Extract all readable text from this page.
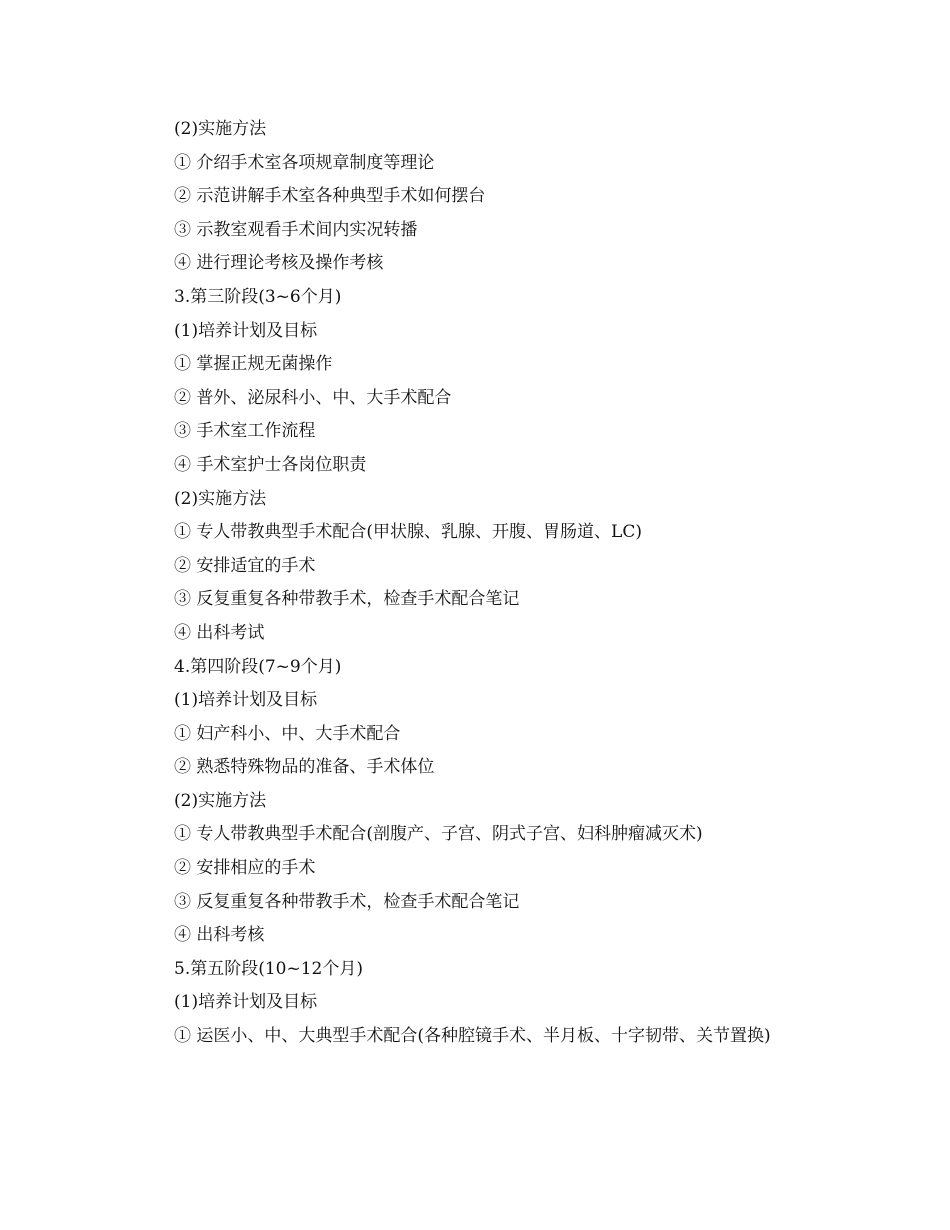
(2)实施方法
① 介绍手术室各项规章制度等理论
② 示范讲解手术室各种典型手术如何摆台
③ 示教室观看手术间内实况转播
④ 进行理论考核及操作考核
3.第三阶段(3~6个月)
(1)培养计划及目标
① 掌握正规无菌操作
② 普外、泌尿科小、中、大手术配合
③ 手术室工作流程
④ 手术室护士各岗位职责
(2)实施方法
① 专人带教典型手术配合(甲状腺、乳腺、开腹、胃肠道、LC)
② 安排适宜的手术
③ 反复重复各种带教手术，检查手术配合笔记
④ 出科考试
4.第四阶段(7~9个月)
(1)培养计划及目标
① 妇产科小、中、大手术配合
② 熟悉特殊物品的准备、手术体位
(2)实施方法
① 专人带教典型手术配合(剖腹产、子宫、阴式子宫、妇科肿瘤减灭术)
② 安排相应的手术
③ 反复重复各种带教手术，检查手术配合笔记
④ 出科考核
5.第五阶段(10~12个月)
(1)培养计划及目标
① 运医小、中、大典型手术配合(各种腔镜手术、半月板、十字韧带、关节置换)
